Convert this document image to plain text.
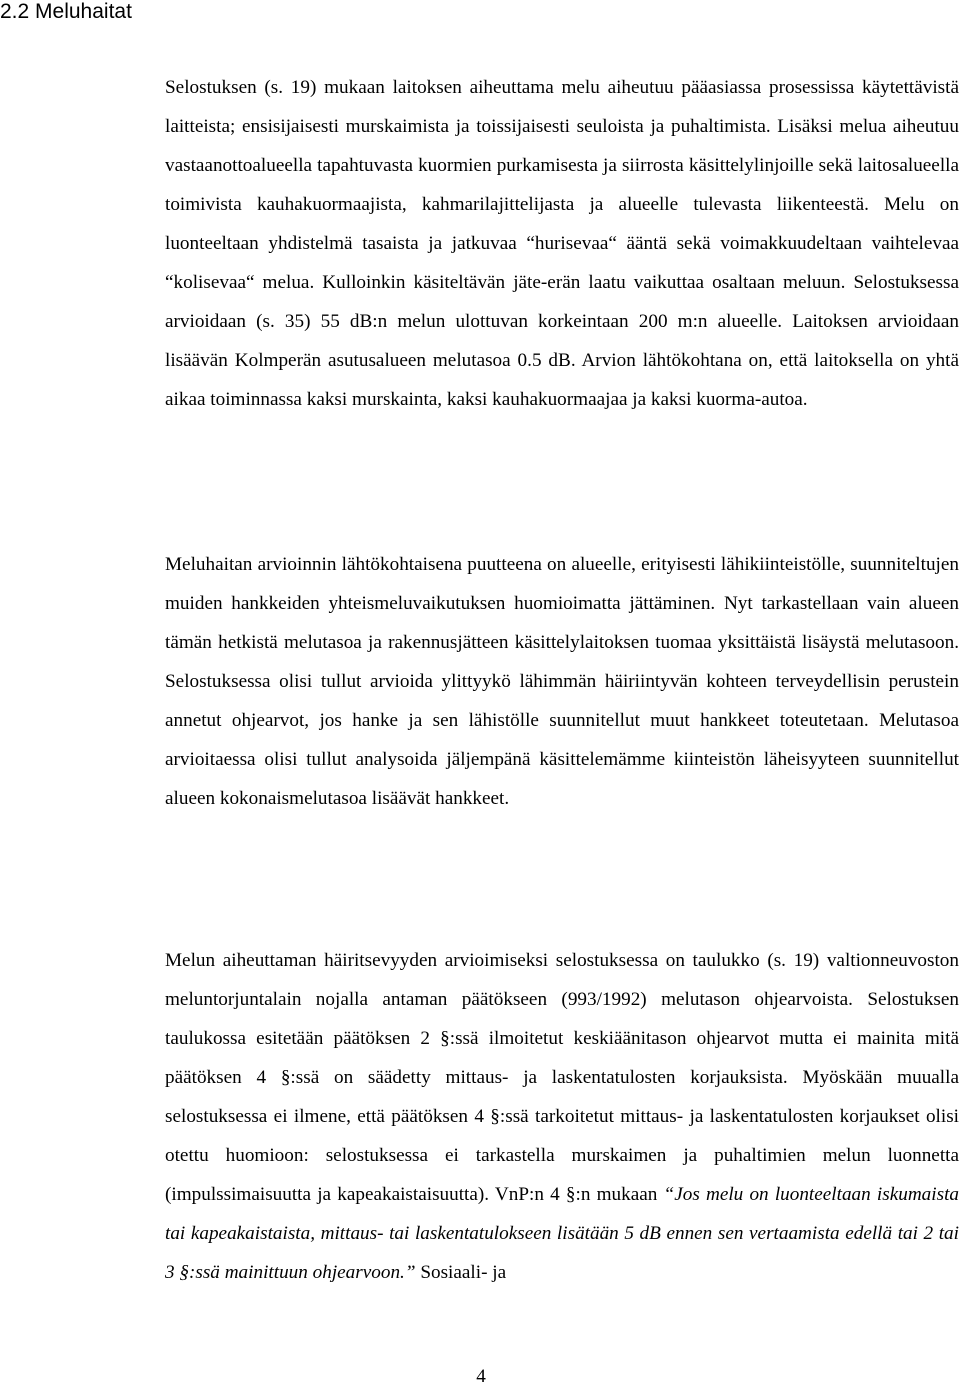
2.2 Meluhaitat

Selostuksen (s. 19) mukaan laitoksen aiheuttama melu aiheutuu pääasiassa prosessissa käytettävistä laitteista; ensisijaisesti murskaimista ja toissijaisesti seuloista ja puhaltimista. Lisäksi melua aiheutuu vastaanottoalueella tapahtuvasta kuormien purkamisesta ja siirrosta käsittelylinjoille sekä laitosalueella toimivista kauhakuormaajista, kahmarilajittelijasta ja alueelle tulevasta liikenteestä. Melu on luonteeltaan yhdistelmä tasaista ja jatkuvaa “hurisevaa“ ääntä sekä voimakkuudeltaan vaihtelevaa “kolisevaa“ melua. Kulloinkin käsiteltävän jäte-erän laatu vaikuttaa osaltaan meluun. Selostuksessa arvioidaan (s. 35) 55 dB:n melun ulottuvan korkeintaan 200 m:n alueelle. Laitoksen arvioidaan lisäävän Kolmperän asutusalueen melutasoa 0.5 dB. Arvion lähtökohtana on, että laitoksella on yhtä aikaa toiminnassa kaksi murskainta, kaksi kauhakuormaajaa ja kaksi kuorma-autoa.

Meluhaitan arvioinnin lähtökohtaisena puutteena on alueelle, erityisesti lähikiinteistölle, suunniteltujen muiden hankkeiden yhteismeluvaikutuksen huomioimatta jättäminen. Nyt tarkastellaan vain alueen tämän hetkistä melutasoa ja rakennusjätteen käsittelylaitoksen tuomaa yksittäistä lisäystä melutasoon. Selostuksessa olisi tullut arvioida ylittyykö lähimmän häiriintyvän kohteen terveydellisin perustein annetut ohjearvot, jos hanke ja sen lähistölle suunnitellut muut hankkeet toteutetaan. Melutasoa arvioitaessa olisi tullut analysoida jäljempänä käsittelemämme kiinteistön läheisyyteen suunnitellut alueen kokonaismelutasoa lisäävät hankkeet.

Melun aiheuttaman häiritsevyyden arvioimiseksi selostuksessa on taulukko (s. 19) valtionneuvoston meluntorjuntalain nojalla antaman päätökseen (993/1992) melutason ohjearvoista. Selostuksen taulukossa esitetään päätöksen 2 §:ssä ilmoitetut keskiäänitason ohjearvot mutta ei mainita mitä päätöksen 4 §:ssä on säädetty mittaus- ja laskentatulosten korjauksista. Myöskään muualla selostuksessa ei ilmene, että päätöksen 4 §:ssä tarkoitetut mittaus- ja laskentatulosten korjaukset olisi otettu huomioon: selostuksessa ei tarkastella murskaimen ja puhaltimien melun luonnetta (impulssimaisuutta ja kapeakaistaisuutta). VnP:n 4 §:n mukaan “Jos melu on luonteeltaan iskumaista tai kapeakaistaista, mittaus- tai laskentatulokseen lisätään 5 dB ennen sen vertaamista edellä tai 2 tai 3 §:ssä mainittuun ohjearvoon.” Sosiaali- ja

4
